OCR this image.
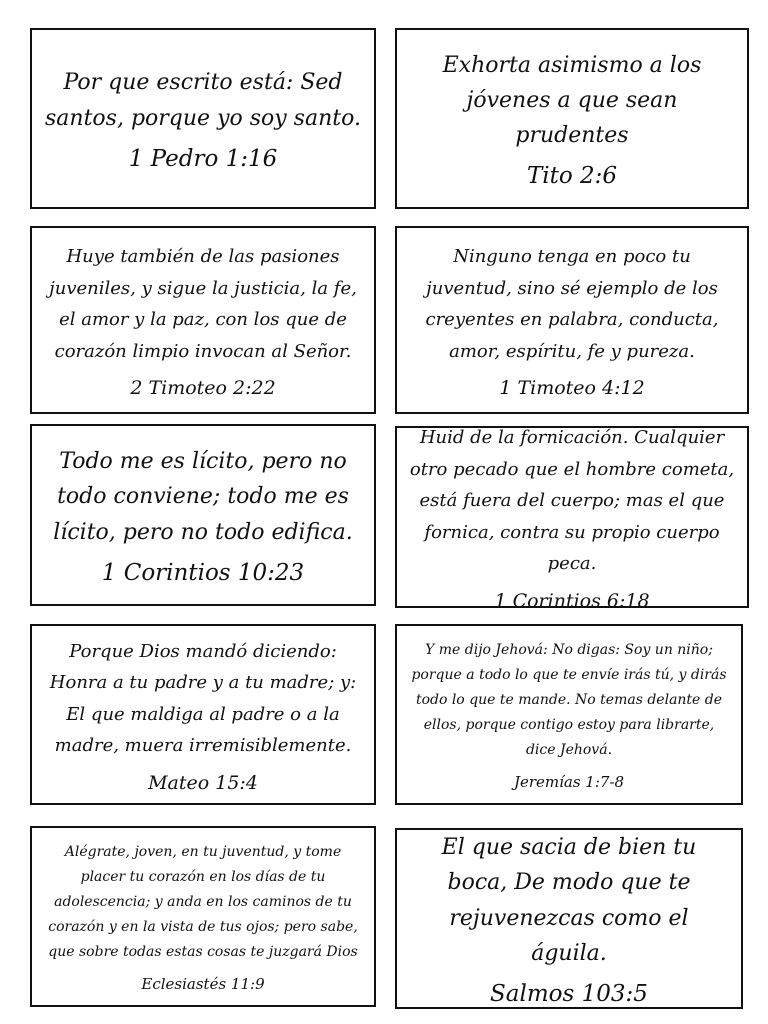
Por que escrito está: Sed santos, porque yo soy santo.

1 Pedro 1:16

Exhorta asimismo a los jóvenes a que sean prudentes

Tito 2:6

Huye también de las pasiones juveniles, y sigue la justicia, la fe, el amor y la paz, con los que de corazón limpio invocan al Señor.

2 Timoteo 2:22

Ninguno tenga en poco tu juventud, sino sé ejemplo de los creyentes en palabra, conducta, amor, espíritu, fe y pureza.

1 Timoteo 4:12

Todo me es lícito, pero no todo conviene; todo me es lícito, pero no todo edifica.

1 Corintios 10:23

Huid de la fornicación. Cualquier otro pecado que el hombre cometa, está fuera del cuerpo; mas el que fornica, contra su propio cuerpo peca.

1 Corintios 6:18

Porque Dios mandó diciendo: Honra a tu padre y a tu madre; y: El que maldiga al padre o a la madre, muera irremisiblemente.

Mateo 15:4

Y me dijo Jehová: No digas: Soy un niño; porque a todo lo que te envíe irás tú, y dirás todo lo que te mande. No temas delante de ellos, porque contigo estoy para librarte, dice Jehová.

Jeremías 1:7-8

Alégrate, joven, en tu juventud, y tome placer tu corazón en los días de tu adolescencia; y anda en los caminos de tu corazón y en la vista de tus ojos; pero sabe, que sobre todas estas cosas te juzgará Dios

Eclesiastés 11:9

El que sacia de bien tu boca, De modo que te rejuvenezcas como el águila.

Salmos 103:5
